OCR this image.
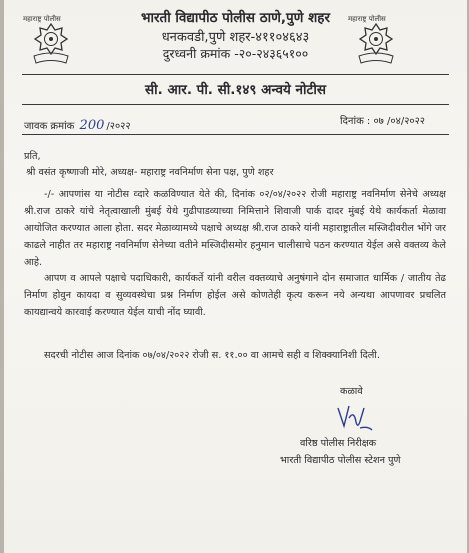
महाराष्ट्र पोलीस	महाराष्ट्र पोलीस
भारती विद्यापीठ पोलीस ठाणे,पुणे शहर
धनकवडी,पुणे शहर-४११०४६४३
दुरध्वनी क्रमांक -२०-२४३६५१००
सी. आर. पी. सी.१४९ अन्वये नोटीस
जावक क्रमांक 200 /२०२२	दिनांक : ०७ /०४/२०२२
प्रति,
श्री वसंत कृष्णाजी मोरे, अध्यक्ष- महाराष्ट्र नवनिर्माण सेना पक्ष, पुणे शहर
-/- आपणांस या नोटीस व्दारे कळविण्यात येते की, दिनांक ०२/०४/२०२२ रोजी महाराष्ट्र नवनिर्माण सेनेचे अध्यक्ष श्री.राज ठाकरे यांचे नेतृत्वाखाली मुंबई येथे गुढीपाडव्याच्या निमित्ताने शिवाजी पार्क दादर मुंबई येथे कार्यकर्ता मेळावा आयोजित करण्यात आला होता. सदर मेळाव्यामध्ये पक्षाचे अध्यक्ष श्री.राज ठाकरे यांनी महाराष्ट्रातील मस्जिदीवरील भोंगे जर काढले नाहीत तर महाराष्ट्र नवनिर्माण सेनेच्या वतीने मस्जिदीसमोर हनुमान चालीसाचे पठन करण्यात येईल असे वक्तव्य केले आहे.
आपण व आपले पक्षाचे पदाधिकारी, कार्यकर्ते यांनी वरील वक्तव्याचे अनुषंगाने दोन समाजात धार्मिक / जातीय तेढ निर्माण होवुन कायदा व सुव्यवस्थेचा प्रश्न निर्माण होईल असे कोणतेही कृत्य करून नये अन्यथा आपणावर प्रचलित कायद्यान्वये कारवाई करण्यात येईल याची नोंद घ्यावी.
सदरची नोटीस आज दिनांक ०७/०४/२०२२ रोजी स. ११.०० वा आमचे सही व शिक्क्यानिशी दिली.
कळावे
वरिष्ठ पोलीस निरीक्षक
भारती विद्यापीठ पोलीस स्टेशन पुणे
